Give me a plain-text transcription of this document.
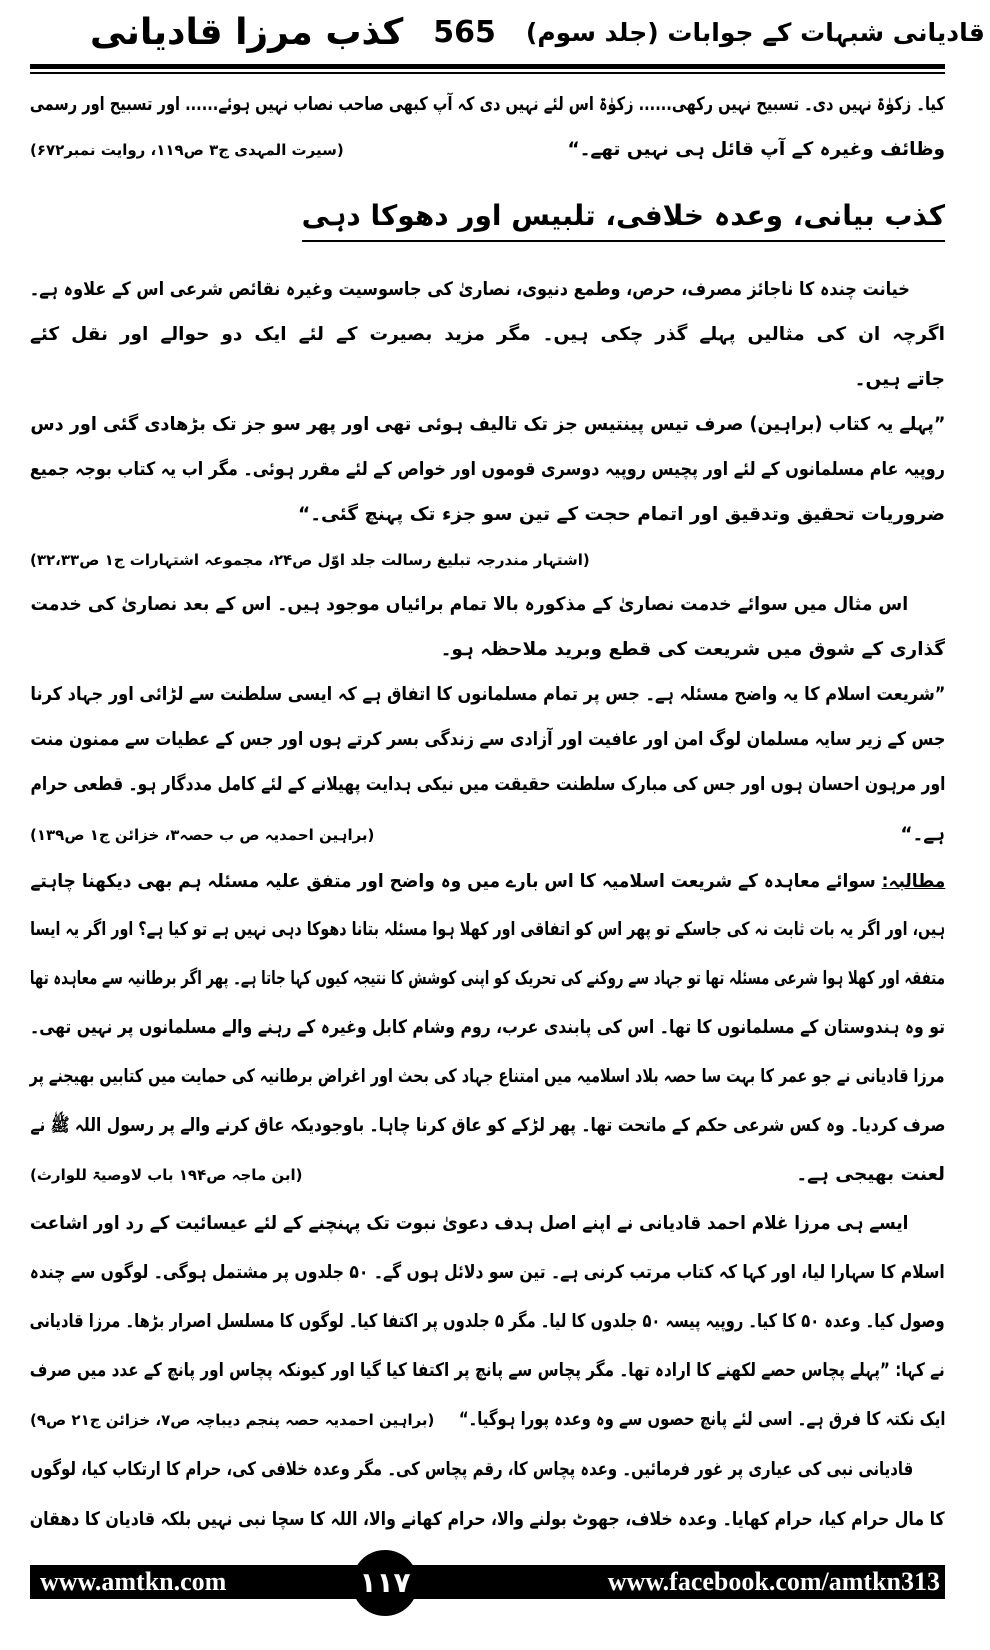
کذب مرزا قادیانی 565 قادیانی شبہات کے جوابات (جلد سوم)
کیا۔ زکوٰۃ نہیں دی۔ تسبیح نہیں رکھی...... زکوٰۃ اس لئے نہیں دی کہ آپ کبھی صاحب نصاب نہیں ہوئے...... اور تسبیح اور رسمی
وظائف وغیرہ کے آپ قائل ہی نہیں تھے۔“
(سیرت المہدی ج۳ ص۱۱۹، روایت نمبر۶۷۲)
کذب بیانی، وعدہ خلافی، تلبیس اور دھوکا دہی
خیانت چندہ کا ناجائز مصرف، حرص، وطمع دنیوی، نصاریٰ کی جاسوسیت وغیرہ نقائص شرعی اس کے علاوہ ہے۔
اگرچہ ان کی مثالیں پہلے گذر چکی ہیں۔ مگر مزید بصیرت کے لئے ایک دو حوالے اور نقل کئے
جاتے ہیں۔
”پہلے یہ کتاب (براہین) صرف تیس پینتیس جز تک تالیف ہوئی تھی اور پھر سو جز تک بڑھادی گئی اور دس
روپیہ عام مسلمانوں کے لئے اور پچیس روپیہ دوسری قوموں اور خواص کے لئے مقرر ہوئی۔ مگر اب یہ کتاب بوجہ جمیع
ضروریات تحقیق وتدقیق اور اتمام حجت کے تین سو جزء تک پہنچ گئی۔“
(اشتہار مندرجہ تبلیغ رسالت جلد اوّل ص۲۴، مجموعہ اشتہارات ج۱ ص۳۲،۳۳)
اس مثال میں سوائے خدمت نصاریٰ کے مذکورہ بالا تمام برائیاں موجود ہیں۔ اس کے بعد نصاریٰ کی خدمت
گذاری کے شوق میں شریعت کی قطع وبرید ملاحظہ ہو۔
”شریعت اسلام کا یہ واضح مسئلہ ہے۔ جس پر تمام مسلمانوں کا اتفاق ہے کہ ایسی سلطنت سے لڑائی اور جہاد کرنا
جس کے زیر سایہ مسلمان لوگ امن اور عافیت اور آزادی سے زندگی بسر کرتے ہوں اور جس کے عطیات سے ممنون منت
اور مرہون احسان ہوں اور جس کی مبارک سلطنت حقیقت میں نیکی ہدایت پھیلانے کے لئے کامل مددگار ہو۔ قطعی حرام
ہے۔“
(براہین احمدیہ ص ب حصہ۳، خزائن ج۱ ص۱۳۹)
مطالبہ: سوائے معاہدہ کے شریعت اسلامیہ کا اس بارے میں وہ واضح اور متفق علیہ مسئلہ ہم بھی دیکھنا چاہتے
ہیں، اور اگر یہ بات ثابت نہ کی جاسکے تو پھر اس کو اتفاقی اور کھلا ہوا مسئلہ بتانا دھوکا دہی نہیں ہے تو کیا ہے؟ اور اگر یہ ایسا
متفقہ اور کھلا ہوا شرعی مسئلہ تھا تو جہاد سے روکنے کی تحریک کو اپنی کوشش کا نتیجہ کیوں کہا جاتا ہے۔ پھر اگر برطانیہ سے معاہدہ تھا
تو وہ ہندوستان کے مسلمانوں کا تھا۔ اس کی پابندی عرب، روم وشام کابل وغیرہ کے رہنے والے مسلمانوں پر نہیں تھی۔
مرزا قادیانی نے جو عمر کا بہت سا حصہ بلاد اسلامیہ میں امتناع جہاد کی بحث اور اغراض برطانیہ کی حمایت میں کتابیں بھیجنے پر
صرف کردیا۔ وہ کس شرعی حکم کے ماتحت تھا۔ پھر لڑکے کو عاق کرنا چاہا۔ باوجودیکہ عاق کرنے والے پر رسول اللہ ﷺ نے
لعنت بھیجی ہے۔
(ابن ماجہ ص۱۹۴ باب لاوصیۃ للوارث)
ایسے ہی مرزا غلام احمد قادیانی نے اپنے اصل ہدف دعویٰ نبوت تک پہنچنے کے لئے عیسائیت کے رد اور اشاعت
اسلام کا سہارا لیا، اور کہا کہ کتاب مرتب کرنی ہے۔ تین سو دلائل ہوں گے۔ ۵۰ جلدوں پر مشتمل ہوگی۔ لوگوں سے چندہ
وصول کیا۔ وعدہ ۵۰ کا کیا۔ روپیہ پیسہ ۵۰ جلدوں کا لیا۔ مگر ۵ جلدوں پر اکتفا کیا۔ لوگوں کا مسلسل اصرار بڑھا۔ مرزا قادیانی
نے کہا: ”پہلے پچاس حصے لکھنے کا ارادہ تھا۔ مگر پچاس سے پانچ پر اکتفا کیا گیا اور کیونکہ پچاس اور پانچ کے عدد میں صرف
ایک نکتہ کا فرق ہے۔ اسی لئے پانچ حصوں سے وہ وعدہ پورا ہوگیا۔“
(براہین احمدیہ حصہ پنجم دیباچہ ص۷، خزائن ج۲۱ ص۹)
قادیانی نبی کی عیاری پر غور فرمائیں۔ وعدہ پچاس کا، رقم پچاس کی۔ مگر وعدہ خلافی کی، حرام کا ارتکاب کیا، لوگوں
کا مال حرام کیا، حرام کھایا۔ وعدہ خلاف، جھوٹ بولنے والا، حرام کھانے والا، اللہ کا سچا نبی نہیں بلکہ قادیان کا دھقان
www.amtkn.com	www.facebook.com/amtkn313
۱۱۷
